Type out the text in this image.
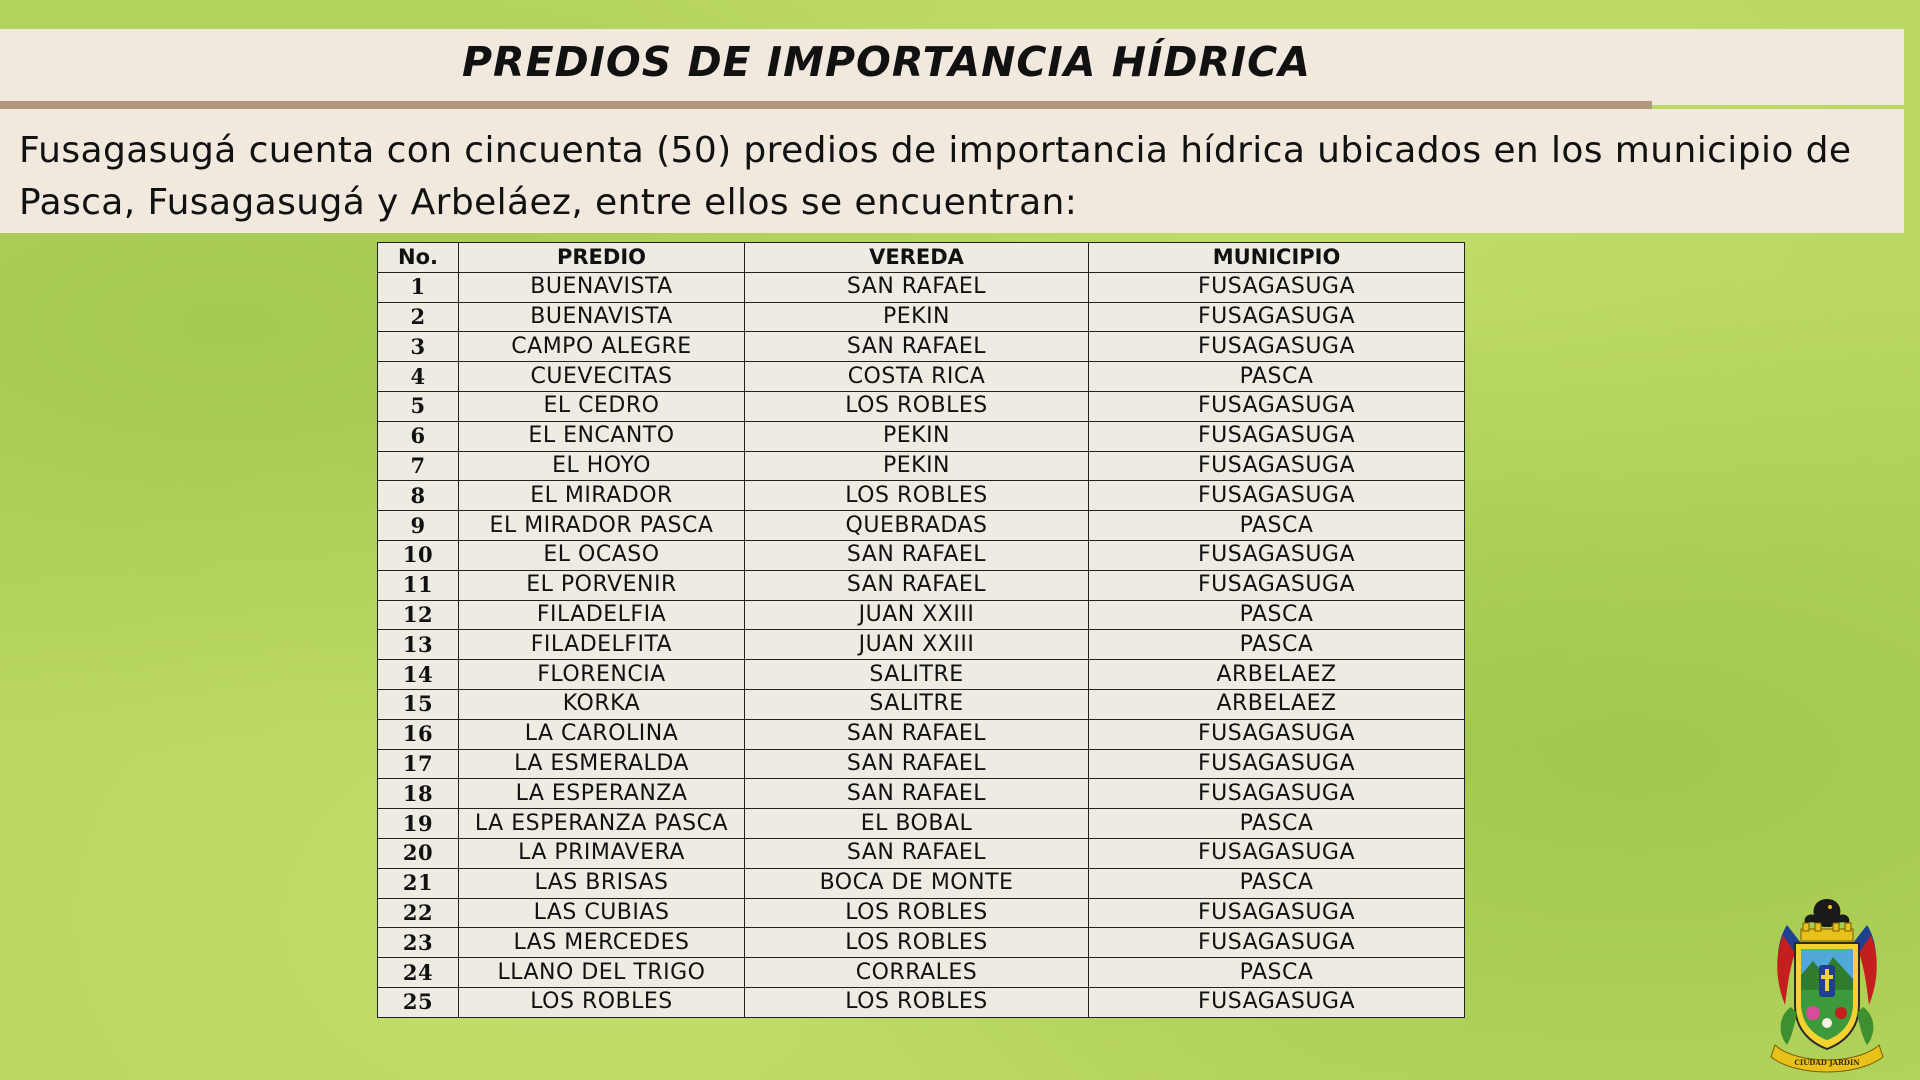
PREDIOS DE IMPORTANCIA HÍDRICA
Fusagasugá cuenta con cincuenta (50) predios de importancia hídrica ubicados en los municipio de Pasca, Fusagasugá y Arbeláez, entre ellos se encuentran:
No.	PREDIO	VEREDA	MUNICIPIO
1	BUENAVISTA	SAN RAFAEL	FUSAGASUGA
2	BUENAVISTA	PEKIN	FUSAGASUGA
3	CAMPO ALEGRE	SAN RAFAEL	FUSAGASUGA
4	CUEVECITAS	COSTA RICA	PASCA
5	EL CEDRO	LOS ROBLES	FUSAGASUGA
6	EL ENCANTO	PEKIN	FUSAGASUGA
7	EL HOYO	PEKIN	FUSAGASUGA
8	EL MIRADOR	LOS ROBLES	FUSAGASUGA
9	EL MIRADOR PASCA	QUEBRADAS	PASCA
10	EL OCASO	SAN RAFAEL	FUSAGASUGA
11	EL PORVENIR	SAN RAFAEL	FUSAGASUGA
12	FILADELFIA	JUAN XXIII	PASCA
13	FILADELFITA	JUAN XXIII	PASCA
14	FLORENCIA	SALITRE	ARBELAEZ
15	KORKA	SALITRE	ARBELAEZ
16	LA CAROLINA	SAN RAFAEL	FUSAGASUGA
17	LA ESMERALDA	SAN RAFAEL	FUSAGASUGA
18	LA ESPERANZA	SAN RAFAEL	FUSAGASUGA
19	LA ESPERANZA PASCA	EL BOBAL	PASCA
20	LA PRIMAVERA	SAN RAFAEL	FUSAGASUGA
21	LAS BRISAS	BOCA DE MONTE	PASCA
22	LAS CUBIAS	LOS ROBLES	FUSAGASUGA
23	LAS MERCEDES	LOS ROBLES	FUSAGASUGA
24	LLANO DEL TRIGO	CORRALES	PASCA
25	LOS ROBLES	LOS ROBLES	FUSAGASUGA
CIUDAD JARDIN
